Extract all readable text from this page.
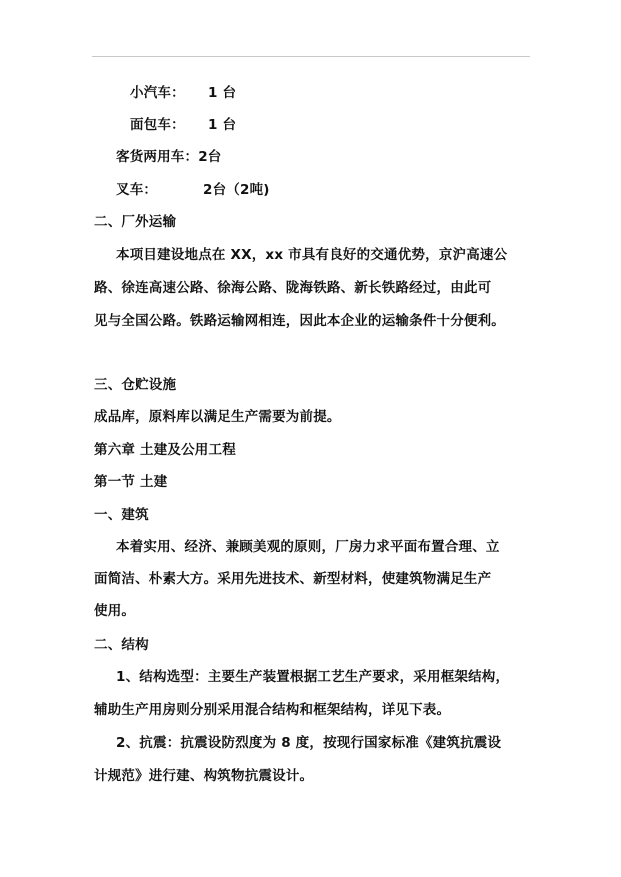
小汽车： 1 台
面包车： 1 台
客货两用车：2台
叉车：	2台（2吨)
二、厂外运输
本项目建设地点在 XX，xx 市具有良好的交通优势，京沪高速公
路、徐连高速公路、徐海公路、陇海铁路、新长铁路经过，由此可
见与全国公路。铁路运输网相连，因此本企业的运输条件十分便利。
三、仓贮设施
成品库，原料库以满足生产需要为前提。
第六章 土建及公用工程
第一节 土建
一、建筑
本着实用、经济、兼顾美观的原则，厂房力求平面布置合理、立
面简洁、朴素大方。采用先进技术、新型材料，使建筑物满足生产
使用。
二、结构
1、结构选型：主要生产装置根据工艺生产要求，采用框架结构，
辅助生产用房则分别采用混合结构和框架结构，详见下表。
2、抗震：抗震设防烈度为 8 度，按现行国家标准《建筑抗震设
计规范》进行建、构筑物抗震设计。
